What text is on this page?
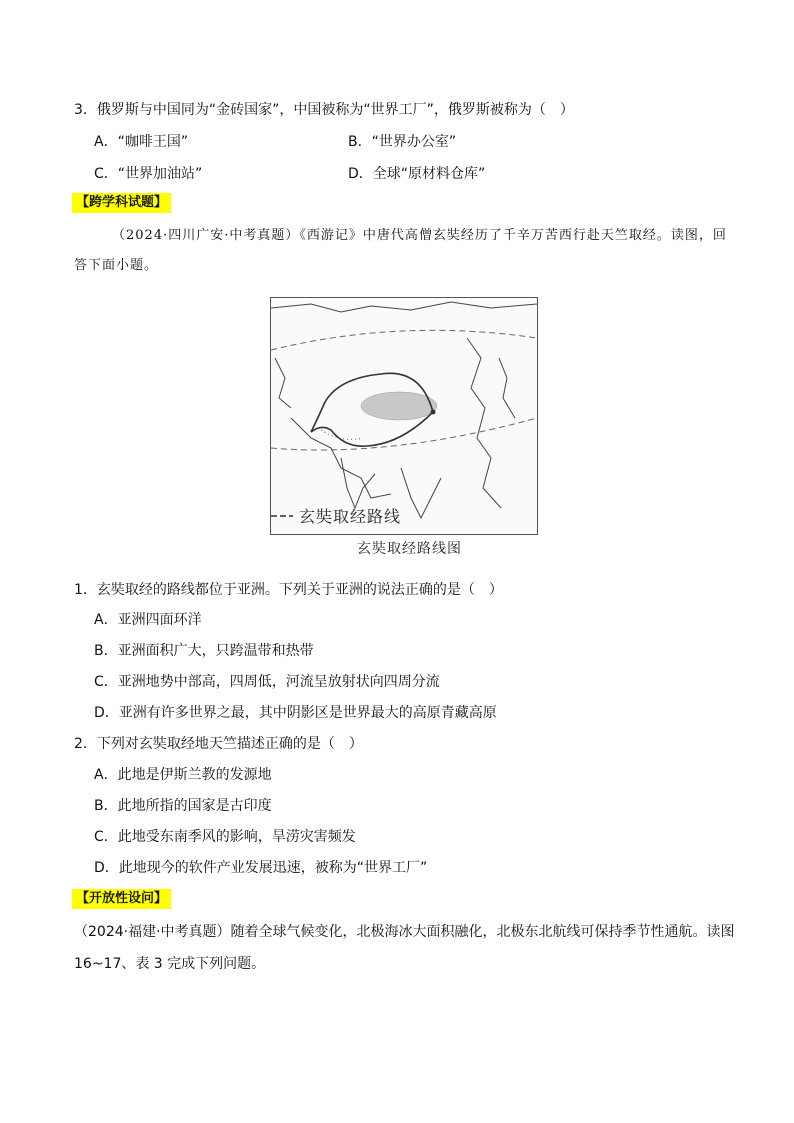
3．俄罗斯与中国同为“金砖国家”，中国被称为“世界工厂”，俄罗斯被称为（　）
A．“咖啡王国”	B．“世界办公室”
C．“世界加油站”	D．全球“原材料仓库”
【跨学科试题】
（2024·四川广安·中考真题）《西游记》中唐代高僧玄奘经历了千辛万苦西行赴天竺取经。读图，回
答下面小题。
玄奘取经路线
玄奘取经路线图
1．玄奘取经的路线都位于亚洲。下列关于亚洲的说法正确的是（　）
A．亚洲四面环洋
B．亚洲面积广大，只跨温带和热带
C．亚洲地势中部高，四周低，河流呈放射状向四周分流
D．亚洲有许多世界之最，其中阴影区是世界最大的高原青藏高原
2．下列对玄奘取经地天竺描述正确的是（　）
A．此地是伊斯兰教的发源地
B．此地所指的国家是古印度
C．此地受东南季风的影响，旱涝灾害频发
D．此地现今的软件产业发展迅速，被称为“世界工厂”
【开放性设问】
（2024·福建·中考真题）随着全球气候变化，北极海冰大面积融化，北极东北航线可保持季节性通航。读图
16~17、表 3 完成下列问题。
